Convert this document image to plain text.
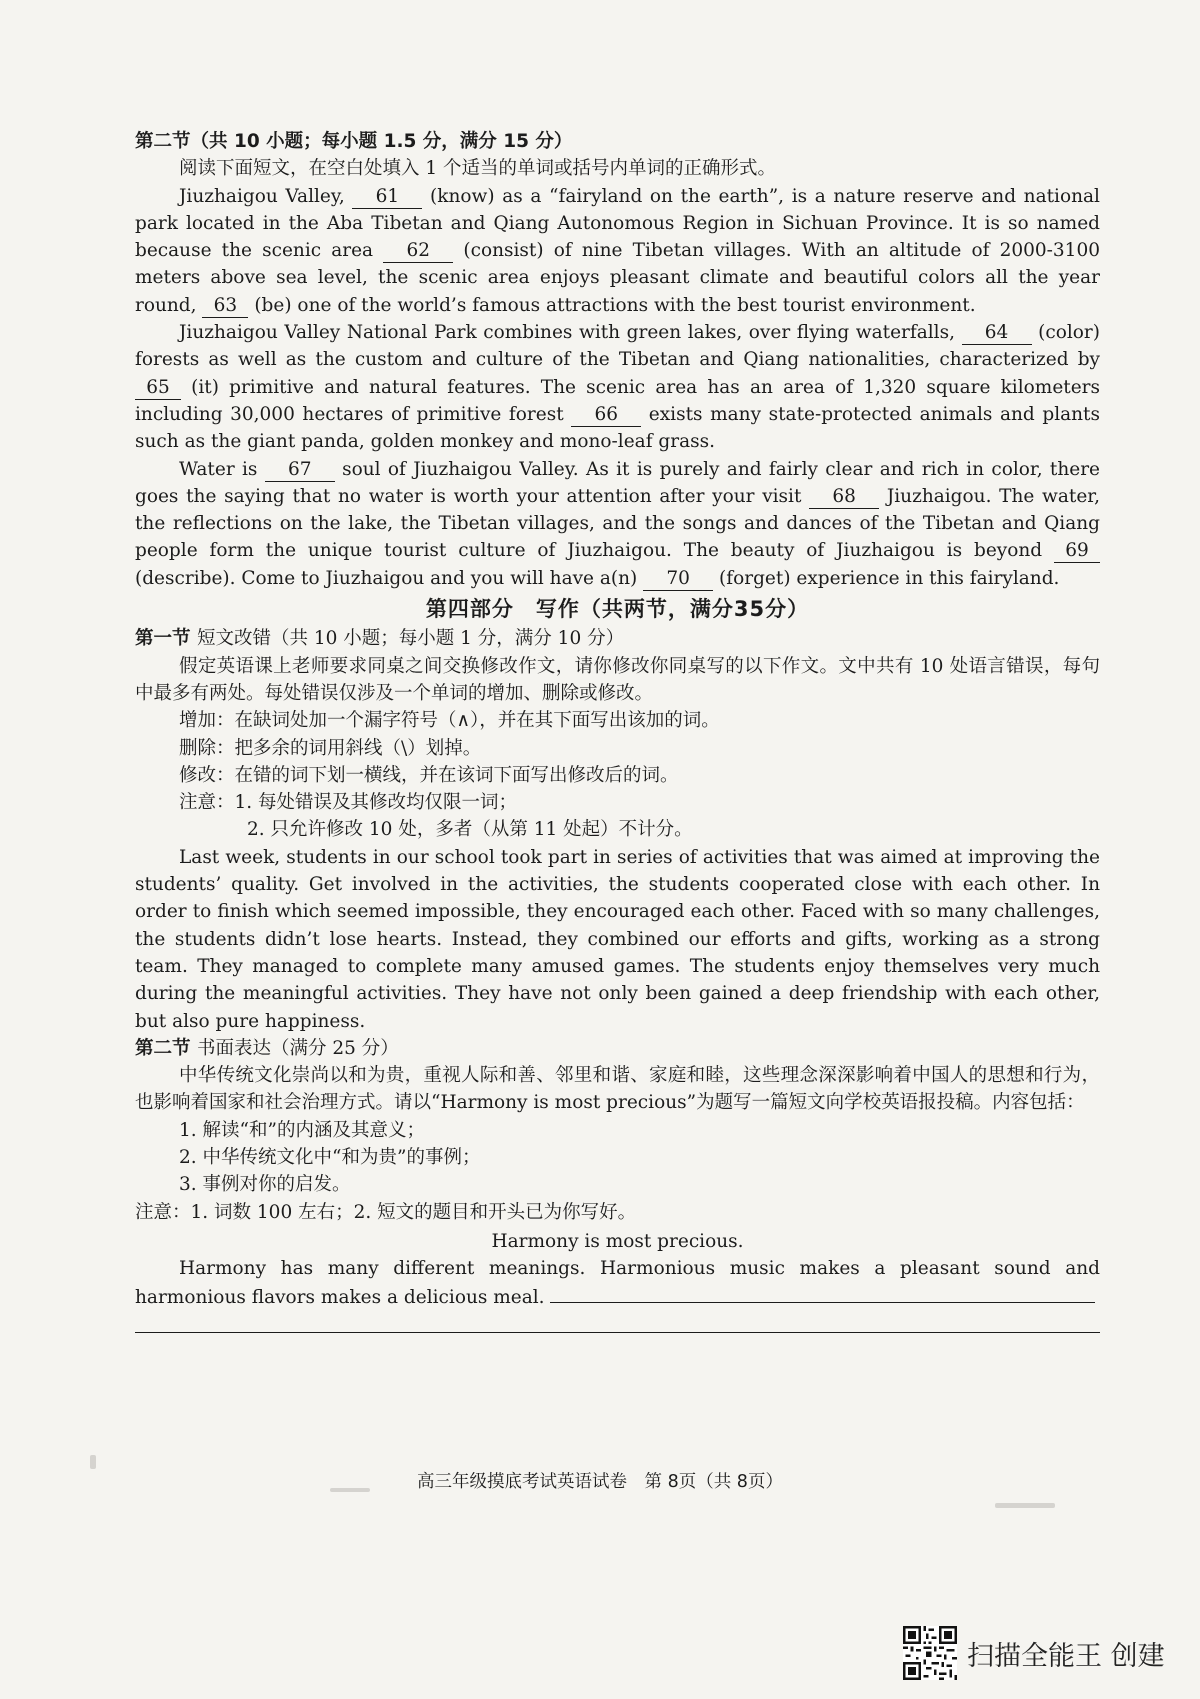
第二节（共 10 小题；每小题 1.5 分，满分 15 分）

阅读下面短文，在空白处填入 1 个适当的单词或括号内单词的正确形式。

Jiuzhaigou Valley, 61 (know) as a “fairyland on the earth”, is a nature reserve and national park located in the Aba Tibetan and Qiang Autonomous Region in Sichuan Province. It is so named because the scenic area 62 (consist) of nine Tibetan villages. With an altitude of 2000-3100 meters above sea level, the scenic area enjoys pleasant climate and beautiful colors all the year round, 63 (be) one of the world’s famous attractions with the best tourist environment.

Jiuzhaigou Valley National Park combines with green lakes, over flying waterfalls, 64 (color) forests as well as the custom and culture of the Tibetan and Qiang nationalities, characterized by 65 (it) primitive and natural features. The scenic area has an area of 1,320 square kilometers including 30,000 hectares of primitive forest 66 exists many state-protected animals and plants such as the giant panda, golden monkey and mono-leaf grass.

Water is 67 soul of Jiuzhaigou Valley. As it is purely and fairly clear and rich in color, there goes the saying that no water is worth your attention after your visit 68 Jiuzhaigou. The water, the reflections on the lake, the Tibetan villages, and the songs and dances of the Tibetan and Qiang people form the unique tourist culture of Jiuzhaigou. The beauty of Jiuzhaigou is beyond 69 (describe). Come to Jiuzhaigou and you will have a(n) 70 (forget) experience in this fairyland.

第四部分　写作（共两节，满分35分）

第一节 短文改错（共 10 小题；每小题 1 分，满分 10 分）

假定英语课上老师要求同桌之间交换修改作文，请你修改你同桌写的以下作文。文中共有 10 处语言错误，每句中最多有两处。每处错误仅涉及一个单词的增加、删除或修改。

增加：在缺词处加一个漏字符号（∧），并在其下面写出该加的词。

删除：把多余的词用斜线（\）划掉。

修改：在错的词下划一横线，并在该词下面写出修改后的词。

注意：1. 每处错误及其修改均仅限一词；

2. 只允许修改 10 处，多者（从第 11 处起）不计分。

Last week, students in our school took part in series of activities that was aimed at improving the students’ quality. Get involved in the activities, the students cooperated close with each other. In order to finish which seemed impossible, they encouraged each other. Faced with so many challenges, the students didn’t lose hearts. Instead, they combined our efforts and gifts, working as a strong team. They managed to complete many amused games. The students enjoy themselves very much during the meaningful activities. They have not only been gained a deep friendship with each other, but also pure happiness.

第二节 书面表达（满分 25 分）

中华传统文化崇尚以和为贵，重视人际和善、邻里和谐、家庭和睦，这些理念深深影响着中国人的思想和行为，也影响着国家和社会治理方式。请以“Harmony is most precious”为题写一篇短文向学校英语报投稿。内容包括：

1. 解读“和”的内涵及其意义；

2. 中华传统文化中“和为贵”的事例；

3. 事例对你的启发。

注意：1. 词数 100 左右；2. 短文的题目和开头已为你写好。

Harmony is most precious.

Harmony has many different meanings. Harmonious music makes a pleasant sound and harmonious flavors makes a delicious meal.

高三年级摸底考试英语试卷　第 8页（共 8页）
扫描全能王 创建
